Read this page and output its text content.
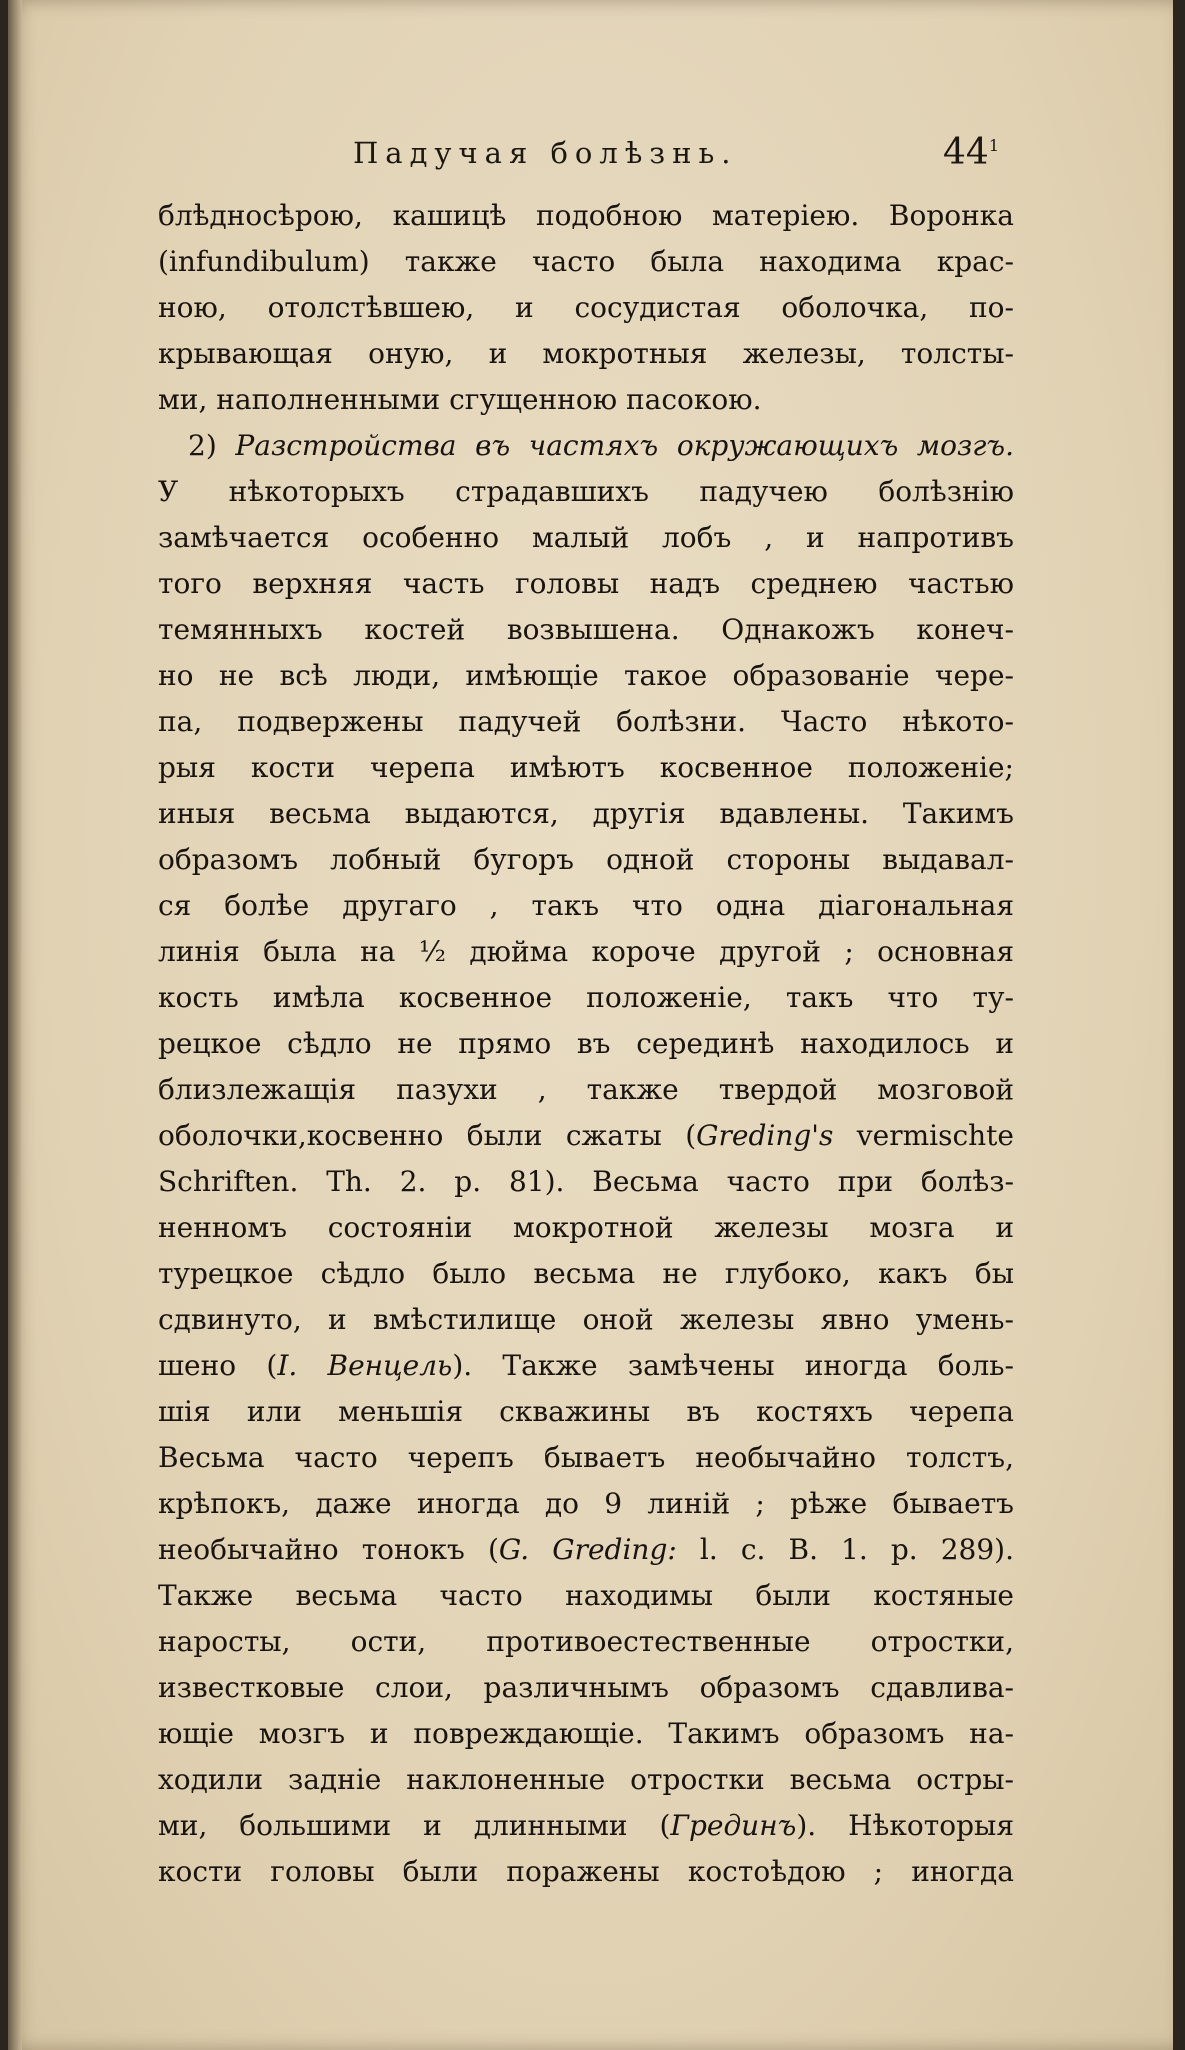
Падучая болѣзнь.	$44^1$
блѣдносѣрою, кашицѣ подобною матеріею. Воронка
(infundibulum) также часто была находима крас-
ною, отолстѣвшею, и сосудистая оболочка, по-
крывающая оную, и мокротныя железы, толсты-
ми, наполненными сгущенною пасокою.
2) Разстройства въ частяхъ окружающихъ мозгъ.
У нѣкоторыхъ страдавшихъ падучею болѣзнію
замѣчается особенно малый лобъ , и напротивъ
того верхняя часть головы надъ среднею частью
темянныхъ костей возвышена. Однакожъ конеч-
но не всѣ люди, имѣющіе такое образованіе чере-
па, подвержены падучей болѣзни. Часто нѣкото-
рыя кости черепа имѣютъ косвенное положеніе;
иныя весьма выдаются, другія вдавлены. Такимъ
образомъ лобный бугоръ одной стороны выдавал-
ся болѣе другаго , такъ что одна діагональная
линія была на ½ дюйма короче другой ; основная
кость имѣла косвенное положеніе, такъ что ту-
рецкое сѣдло не прямо въ серединѣ находилось и
близлежащія пазухи , также твердой мозговой
оболочки,косвенно были сжаты (Greding's vermischte
Schriften. Th. 2. p. 81). Весьма часто при болѣз-
ненномъ состояніи мокротной железы мозга и
турецкое сѣдло было весьма не глубоко, какъ бы
сдвинуто, и вмѣстилище оной железы явно умень-
шено (I. Венцель). Также замѣчены иногда боль-
шія или меньшія скважины въ костяхъ черепа
Весьма часто черепъ бываетъ необычайно толстъ,
крѣпокъ, даже иногда до 9 линій ; рѣже бываетъ
необычайно тонокъ (G. Greding: l. c. B. 1. p. 289).
Также весьма часто находимы были костяные
наросты, ости, противоестественные отростки,
известковые слои, различнымъ образомъ сдавлива-
ющіе мозгъ и повреждающіе. Такимъ образомъ на-
ходили задніе наклоненные отростки весьма остры-
ми, большими и длинными (Грединъ). Нѣкоторыя
кости головы были поражены костоѣдою ; иногда
